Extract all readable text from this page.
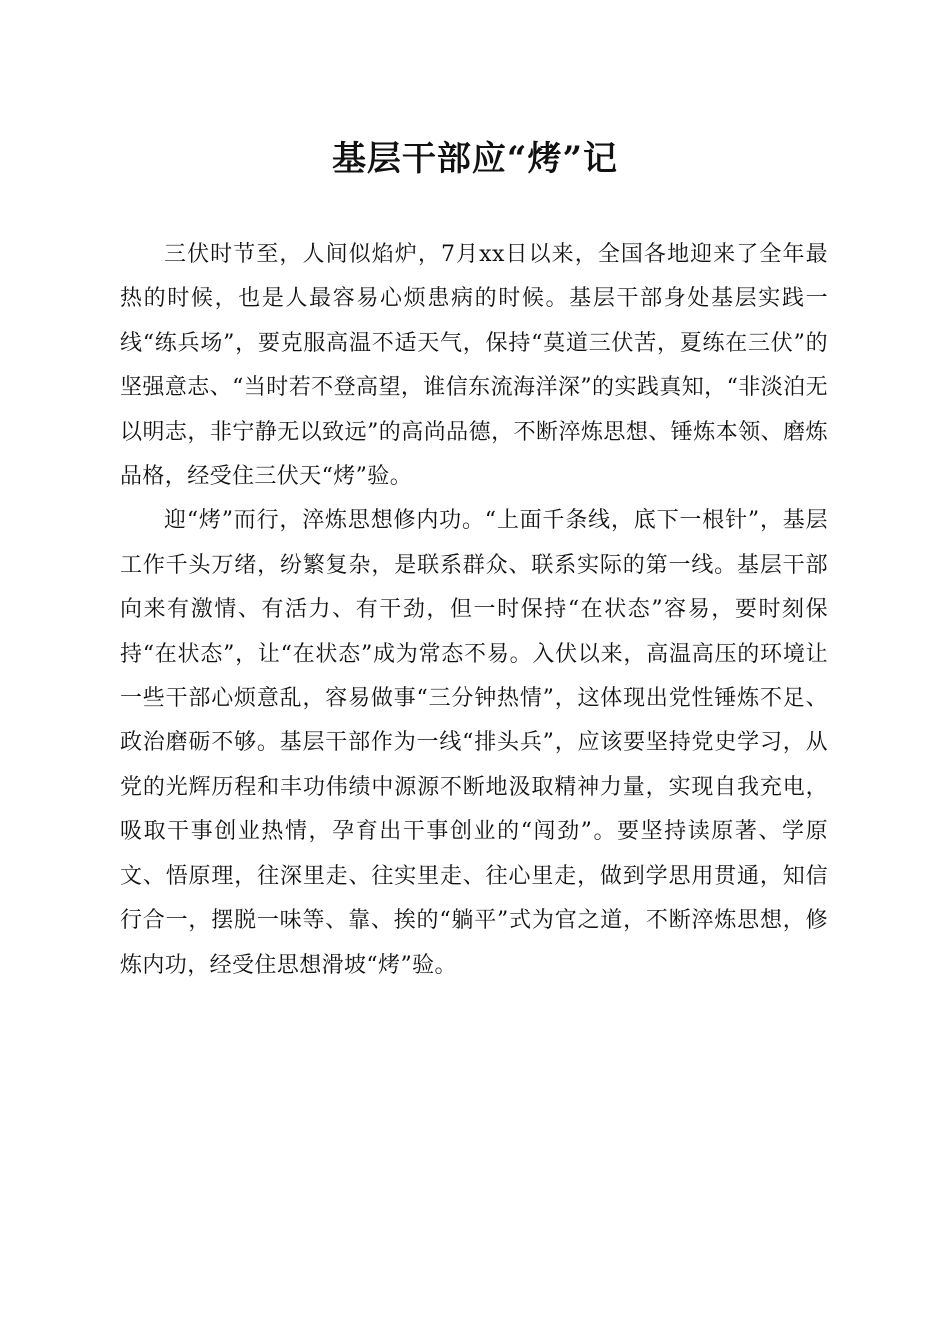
基层干部应“烤”记

三伏时节至，人间似焰炉，7月xx日以来，全国各地迎来了全年最热的时候，也是人最容易心烦患病的时候。基层干部身处基层实践一线“练兵场”，要克服高温不适天气，保持“莫道三伏苦，夏练在三伏”的坚强意志、“当时若不登高望，谁信东流海洋深”的实践真知，“非淡泊无以明志，非宁静无以致远”的高尚品德，不断淬炼思想、锤炼本领、磨炼品格，经受住三伏天“烤”验。

迎“烤”而行，淬炼思想修内功。“上面千条线，底下一根针”，基层工作千头万绪，纷繁复杂，是联系群众、联系实际的第一线。基层干部向来有激情、有活力、有干劲，但一时保持“在状态”容易，要时刻保持“在状态”，让“在状态”成为常态不易。入伏以来，高温高压的环境让一些干部心烦意乱，容易做事“三分钟热情”，这体现出党性锤炼不足、政治磨砺不够。基层干部作为一线“排头兵”，应该要坚持党史学习，从党的光辉历程和丰功伟绩中源源不断地汲取精神力量，实现自我充电，吸取干事创业热情，孕育出干事创业的“闯劲”。要坚持读原著、学原文、悟原理，往深里走、往实里走、往心里走，做到学思用贯通，知信行合一，摆脱一味等、靠、挨的“躺平”式为官之道，不断淬炼思想，修炼内功，经受住思想滑坡“烤”验。
